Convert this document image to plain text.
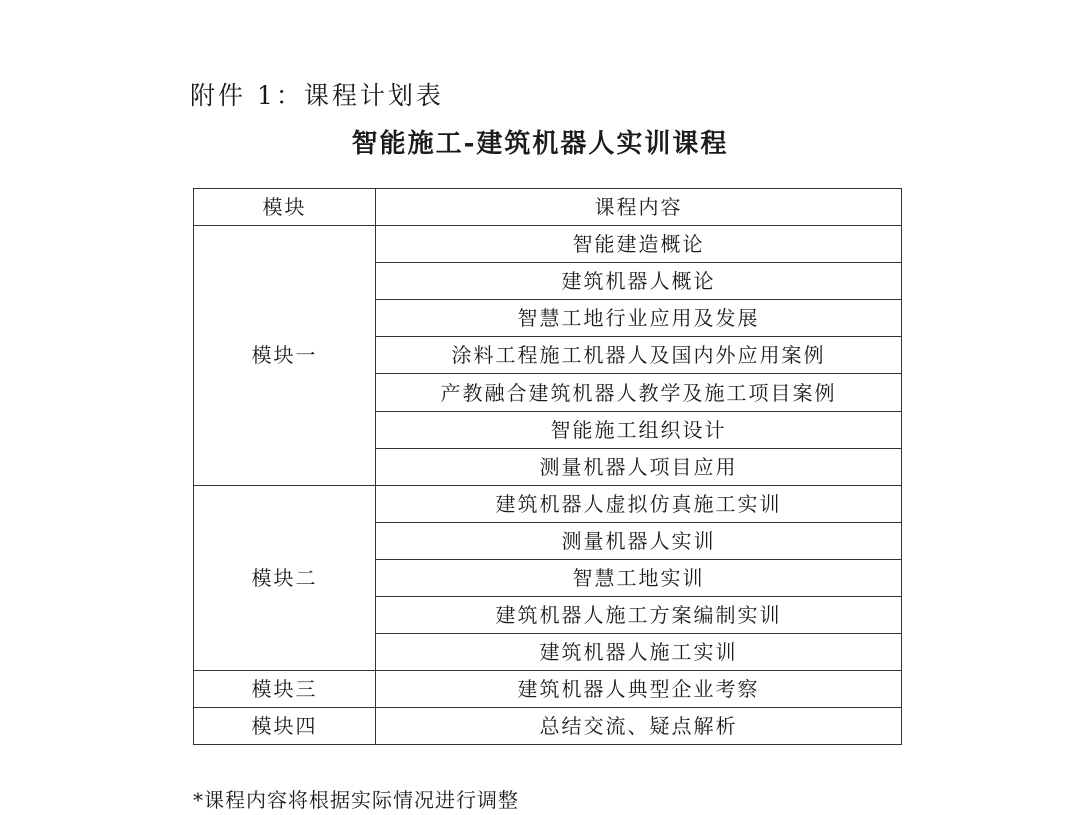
附件 1：课程计划表
智能施工-建筑机器人实训课程
模块	课程内容
模块一	智能建造概论
	建筑机器人概论
	智慧工地行业应用及发展
	涂料工程施工机器人及国内外应用案例
	产教融合建筑机器人教学及施工项目案例
	智能施工组织设计
	测量机器人项目应用
模块二	建筑机器人虚拟仿真施工实训
	测量机器人实训
	智慧工地实训
	建筑机器人施工方案编制实训
	建筑机器人施工实训
模块三	建筑机器人典型企业考察
模块四	总结交流、疑点解析
*课程内容将根据实际情况进行调整
